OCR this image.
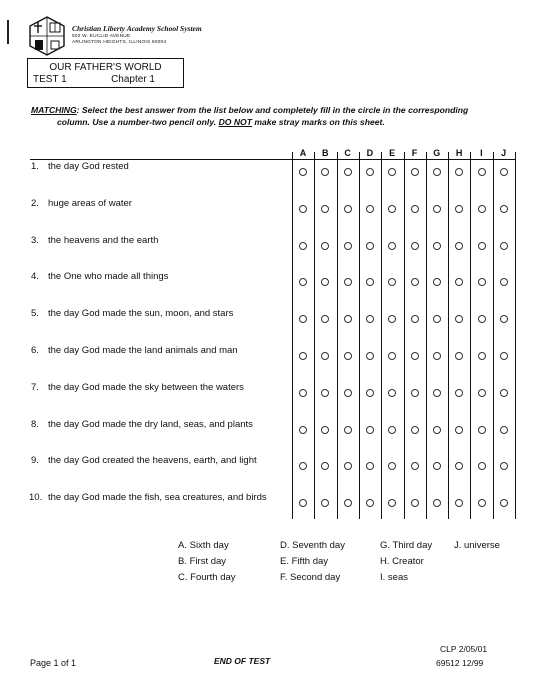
Christian Liberty Academy School System
502 W. EUCLID AVENUE
ARLINGTON HEIGHTS, ILLINOIS 60004
OUR FATHER'S WORLD
TEST 1	Chapter 1
MATCHING: Select the best answer from the list below and completely fill in the circle in the corresponding
column. Use a number-two pencil only. DO NOT make stray marks on this sheet.
A	B	C	D	E	F	G	H	I	J
1. the day God rested
2. huge areas of water
3. the heavens and the earth
4. the One who made all things
5. the day God made the sun, moon, and stars
6. the day God made the land animals and man
7. the day God made the sky between the waters
8. the day God made the dry land, seas, and plants
9. the day God created the heavens, earth, and light
10. the day God made the fish, sea creatures, and birds
A. Sixth day
B. First day
C. Fourth day
D. Seventh day
E. Fifth day
F. Second day
G. Third day
H. Creator
I. seas
J. universe
Page 1 of 1	END OF TEST
CLP 2/05/01
69512 12/99
